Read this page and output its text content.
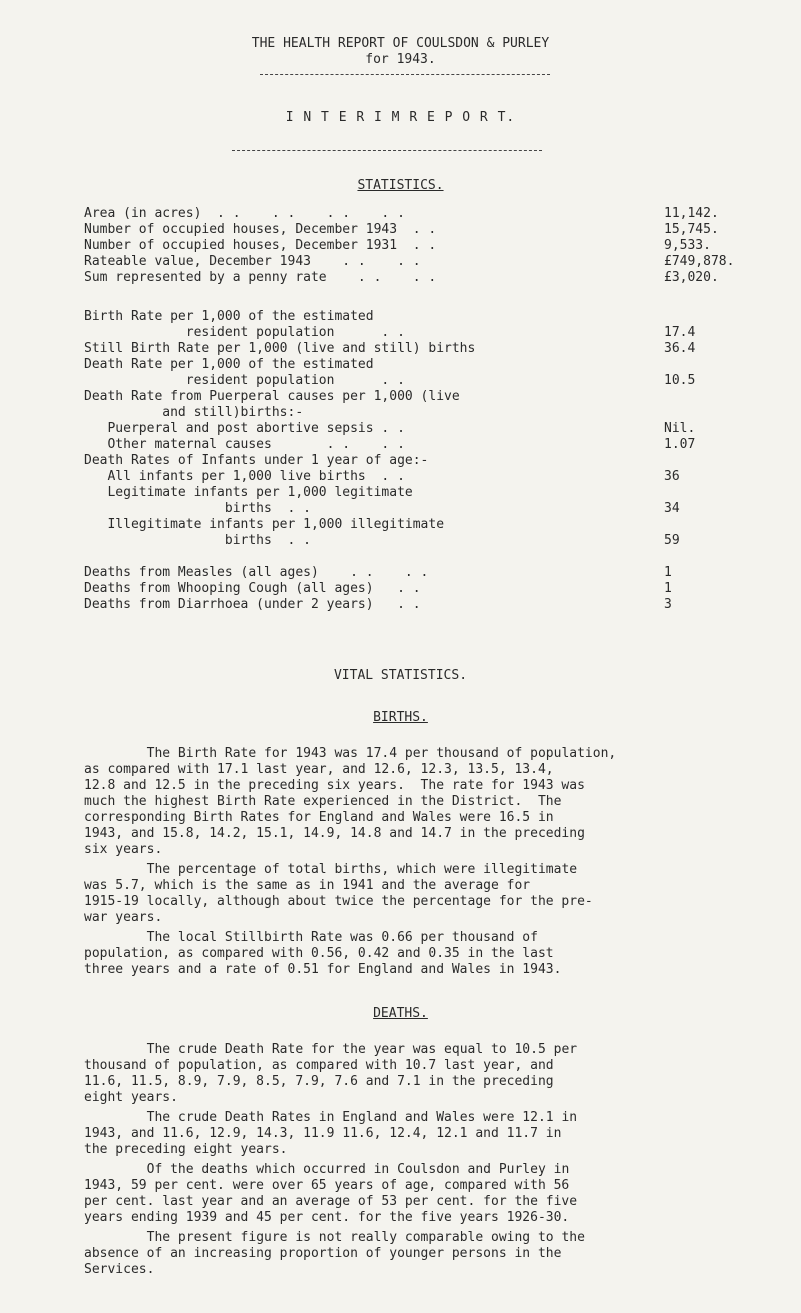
THE HEALTH REPORT OF COULSDON & PURLEY
for 1943.
I N T E R I M R E P O R T.
STATISTICS.
Area (in acres)  . .    . .    . .    . .	11,142.
Number of occupied houses, December 1943  . .	15,745.
Number of occupied houses, December 1931  . .	9,533.
Rateable value, December 1943    . .    . .	£749,878.
Sum represented by a penny rate    . .    . .	£3,020.
Birth Rate per 1,000 of the estimated
resident population      . .	17.4
Still Birth Rate per 1,000 (live and still) births	36.4
Death Rate per 1,000 of the estimated
resident population      . .	10.5
Death Rate from Puerperal causes per 1,000 (live
and still)births:-
Puerperal and post abortive sepsis . .	Nil.
Other maternal causes       . .    . .	1.07
Death Rates of Infants under 1 year of age:-
All infants per 1,000 live births  . .	36
Legitimate infants per 1,000 legitimate
births  . .	34
Illegitimate infants per 1,000 illegitimate
births  . .	59
Deaths from Measles (all ages)    . .    . .	1
Deaths from Whooping Cough (all ages)   . .	1
Deaths from Diarrhoea (under 2 years)   . .	3
VITAL STATISTICS.
BIRTHS.
The Birth Rate for 1943 was 17.4 per thousand of population,
as compared with 17.1 last year, and 12.6, 12.3, 13.5, 13.4,
12.8 and 12.5 in the preceding six years.  The rate for 1943 was
much the highest Birth Rate experienced in the District.  The
corresponding Birth Rates for England and Wales were 16.5 in
1943, and 15.8, 14.2, 15.1, 14.9, 14.8 and 14.7 in the preceding
six years.
The percentage of total births, which were illegitimate
was 5.7, which is the same as in 1941 and the average for
1915-19 locally, although about twice the percentage for the pre-
war years.
The local Stillbirth Rate was 0.66 per thousand of
population, as compared with 0.56, 0.42 and 0.35 in the last
three years and a rate of 0.51 for England and Wales in 1943.
DEATHS.
The crude Death Rate for the year was equal to 10.5 per
thousand of population, as compared with 10.7 last year, and
11.6, 11.5, 8.9, 7.9, 8.5, 7.9, 7.6 and 7.1 in the preceding
eight years.
The crude Death Rates in England and Wales were 12.1 in
1943, and 11.6, 12.9, 14.3, 11.9 11.6, 12.4, 12.1 and 11.7 in
the preceding eight years.
Of the deaths which occurred in Coulsdon and Purley in
1943, 59 per cent. were over 65 years of age, compared with 56
per cent. last year and an average of 53 per cent. for the five
years ending 1939 and 45 per cent. for the five years 1926-30.
The present figure is not really comparable owing to the
absence of an increasing proportion of younger persons in the
Services.
